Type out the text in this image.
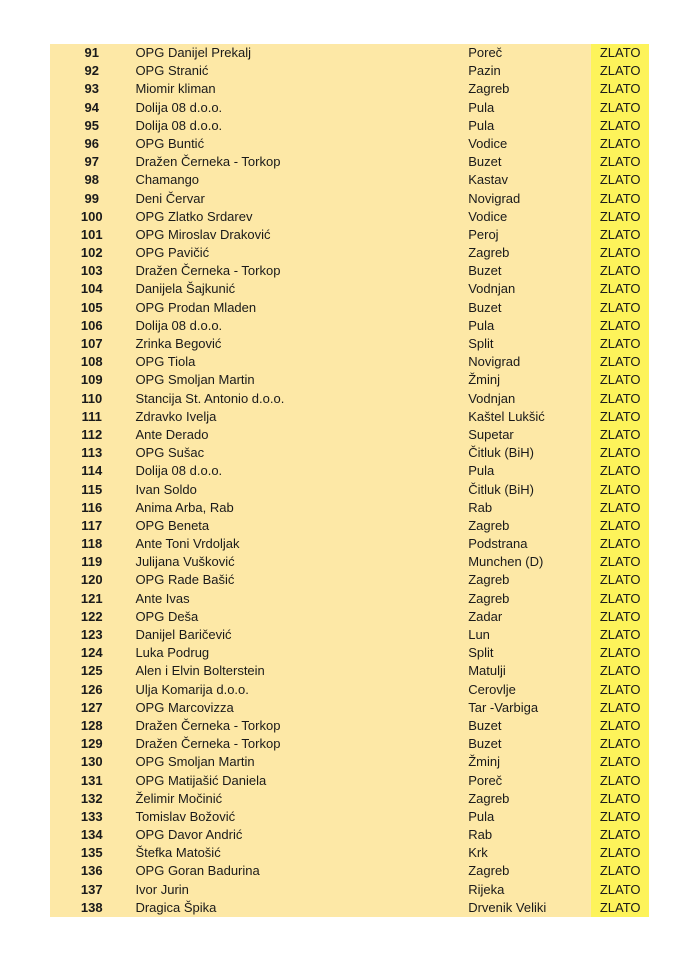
91	OPG Danijel Prekalj	Poreč	ZLATO
92	OPG Stranić	Pazin	ZLATO
93	Miomir kliman	Zagreb	ZLATO
94	Dolija 08 d.o.o.	Pula	ZLATO
95	Dolija 08 d.o.o.	Pula	ZLATO
96	OPG Buntić	Vodice	ZLATO
97	Dražen Černeka - Torkop	Buzet	ZLATO
98	Chamango	Kastav	ZLATO
99	Deni Červar	Novigrad	ZLATO
100	OPG Zlatko Srdarev	Vodice	ZLATO
101	OPG Miroslav Draković	Peroj	ZLATO
102	OPG Pavičić	Zagreb	ZLATO
103	Dražen Černeka - Torkop	Buzet	ZLATO
104	Danijela Šajkunić	Vodnjan	ZLATO
105	OPG Prodan Mladen	Buzet	ZLATO
106	Dolija 08 d.o.o.	Pula	ZLATO
107	Zrinka Begović	Split	ZLATO
108	OPG Tiola	Novigrad	ZLATO
109	OPG Smoljan Martin	Žminj	ZLATO
110	Stancija St. Antonio d.o.o.	Vodnjan	ZLATO
111	Zdravko Ivelja	Kaštel Lukšić	ZLATO
112	Ante Derado	Supetar	ZLATO
113	OPG Sušac	Čitluk (BiH)	ZLATO
114	Dolija 08 d.o.o.	Pula	ZLATO
115	Ivan Soldo	Čitluk (BiH)	ZLATO
116	Anima Arba, Rab	Rab	ZLATO
117	OPG Beneta	Zagreb	ZLATO
118	Ante Toni Vrdoljak	Podstrana	ZLATO
119	Julijana Vušković	Munchen (D)	ZLATO
120	OPG Rade Bašić	Zagreb	ZLATO
121	Ante Ivas	Zagreb	ZLATO
122	OPG Deša	Zadar	ZLATO
123	Danijel Baričević	Lun	ZLATO
124	Luka Podrug	Split	ZLATO
125	Alen i Elvin Bolterstein	Matulji	ZLATO
126	Ulja Komarija d.o.o.	Cerovlje	ZLATO
127	OPG Marcovizza	Tar -Varbiga	ZLATO
128	Dražen Černeka - Torkop	Buzet	ZLATO
129	Dražen Černeka - Torkop	Buzet	ZLATO
130	OPG Smoljan Martin	Žminj	ZLATO
131	OPG Matijašić Daniela	Poreč	ZLATO
132	Želimir Močinić	Zagreb	ZLATO
133	Tomislav Božović	Pula	ZLATO
134	OPG Davor Andrić	Rab	ZLATO
135	Štefka Matošić	Krk	ZLATO
136	OPG Goran Badurina	Zagreb	ZLATO
137	Ivor Jurin	Rijeka	ZLATO
138	Dragica Špika	Drvenik Veliki	ZLATO
